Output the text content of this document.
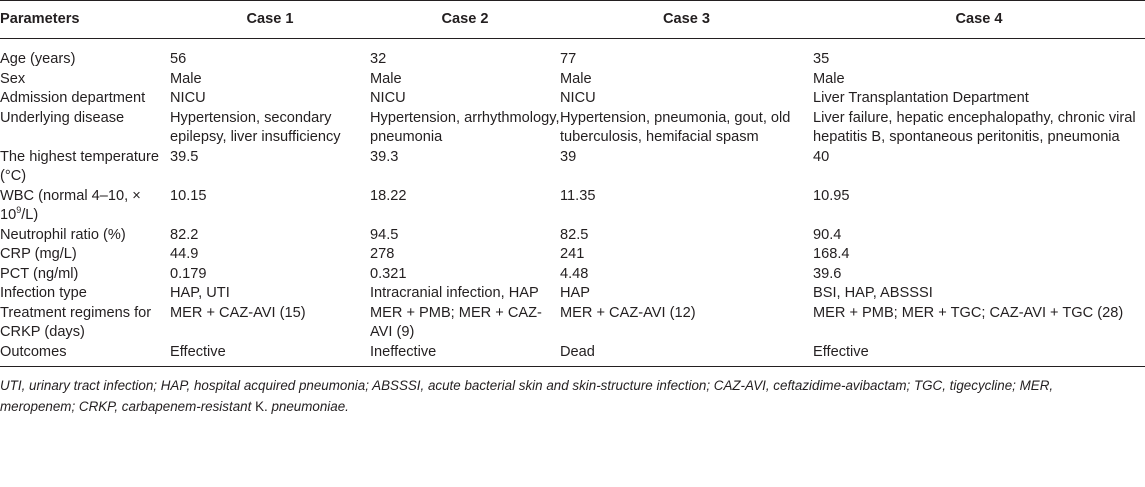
Parameters	Case 1	Case 2	Case 3	Case 4
Age (years)	56	32	77	35
Sex	Male	Male	Male	Male
Admission department	NICU	NICU	NICU	Liver Transplantation Department
Underlying disease	Hypertension, secondary epilepsy, liver insufficiency	Hypertension, arrhythmology, pneumonia	Hypertension, pneumonia, gout, old tuberculosis, hemifacial spasm	Liver failure, hepatic encephalopathy, chronic viral hepatitis B, spontaneous peritonitis, pneumonia
The highest temperature (°C)	39.5	39.3	39	40
WBC (normal 4–10, × $10^9/L$)	10.15	18.22	11.35	10.95
Neutrophil ratio (%)	82.2	94.5	82.5	90.4
CRP (mg/L)	44.9	278	241	168.4
PCT (ng/ml)	0.179	0.321	4.48	39.6
Infection type	HAP, UTI	Intracranial infection, HAP	HAP	BSI, HAP, ABSSSI
Treatment regimens for CRKP (days)	MER + CAZ-AVI (15)	MER + PMB; MER + CAZ-AVI (9)	MER + CAZ-AVI (12)	MER + PMB; MER + TGC; CAZ-AVI + TGC (28)
Outcomes	Effective	Ineffective	Dead	Effective
UTI, urinary tract infection; HAP, hospital acquired pneumonia; ABSSSI, acute bacterial skin and skin-structure infection; CAZ-AVI, ceftazidime-avibactam; TGC, tigecycline; MER, meropenem; CRKP, carbapenem-resistant K. pneumoniae.
